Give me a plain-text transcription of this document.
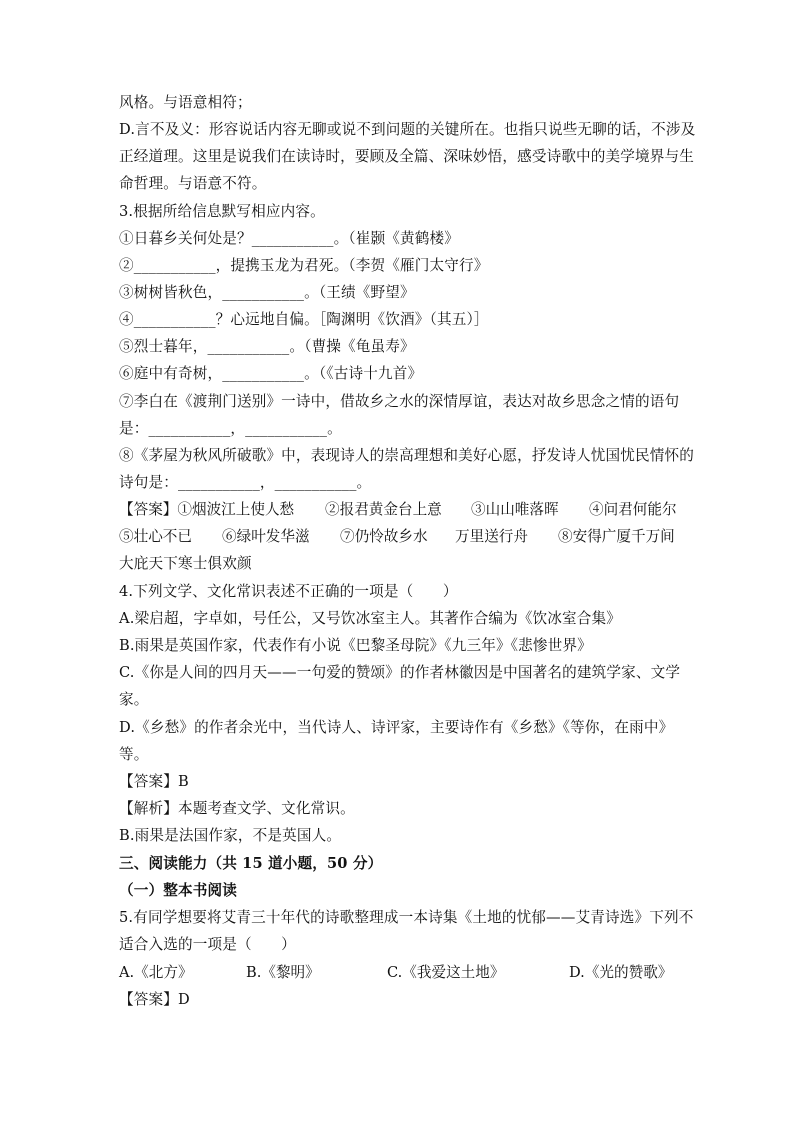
风格。与语意相符；

D.言不及义：形容说话内容无聊或说不到问题的关键所在。也指只说些无聊的话，不涉及

正经道理。这里是说我们在读诗时，要顾及全篇、深味妙悟，感受诗歌中的美学境界与生

命哲理。与语意不符。

3.根据所给信息默写相应内容。

①日暮乡关何处是？___________。（崔颢《黄鹤楼》

②___________，提携玉龙为君死。（李贺《雁门太守行》

③树树皆秋色，___________。（王绩《野望》

④___________？心远地自偏。［陶渊明《饮酒》（其五）］

⑤烈士暮年，___________。（曹操《龟虽寿》

⑥庭中有奇树，___________。（《古诗十九首》

⑦李白在《渡荆门送别》一诗中，借故乡之水的深情厚谊，表达对故乡思念之情的语句

是：___________，___________。

⑧《茅屋为秋风所破歌》中，表现诗人的崇高理想和美好心愿，抒发诗人忧国忧民情怀的

诗句是：___________，___________。

【答案】①烟波江上使人愁 ②报君黄金台上意 ③山山唯落晖 ④问君何能尔
⑤壮心不已 ⑥绿叶发华滋 ⑦仍怜故乡水 万里送行舟 ⑧安得广厦千万间

大庇天下寒士俱欢颜

4.下列文学、文化常识表述不正确的一项是（　　）

A.梁启超，字卓如，号任公，又号饮冰室主人。其著作合编为《饮冰室合集》

B.雨果是英国作家，代表作有小说《巴黎圣母院》《九三年》《悲惨世界》

C.《你是人间的四月天——一句爱的赞颂》的作者林徽因是中国著名的建筑学家、文学

家。

D.《乡愁》的作者余光中，当代诗人、诗评家，主要诗作有《乡愁》《等你，在雨中》

等。

【答案】B

【解析】本题考查文学、文化常识。

B.雨果是法国作家，不是英国人。

三、阅读能力（共 15 道小题，50 分）

（一）整本书阅读

5.有同学想要将艾青三十年代的诗歌整理成一本诗集《土地的忧郁——艾青诗选》下列不

适合入选的一项是（　　）

A.《北方》	B.《黎明》	C.《我爱这土地》	D.《光的赞歌》

【答案】D
